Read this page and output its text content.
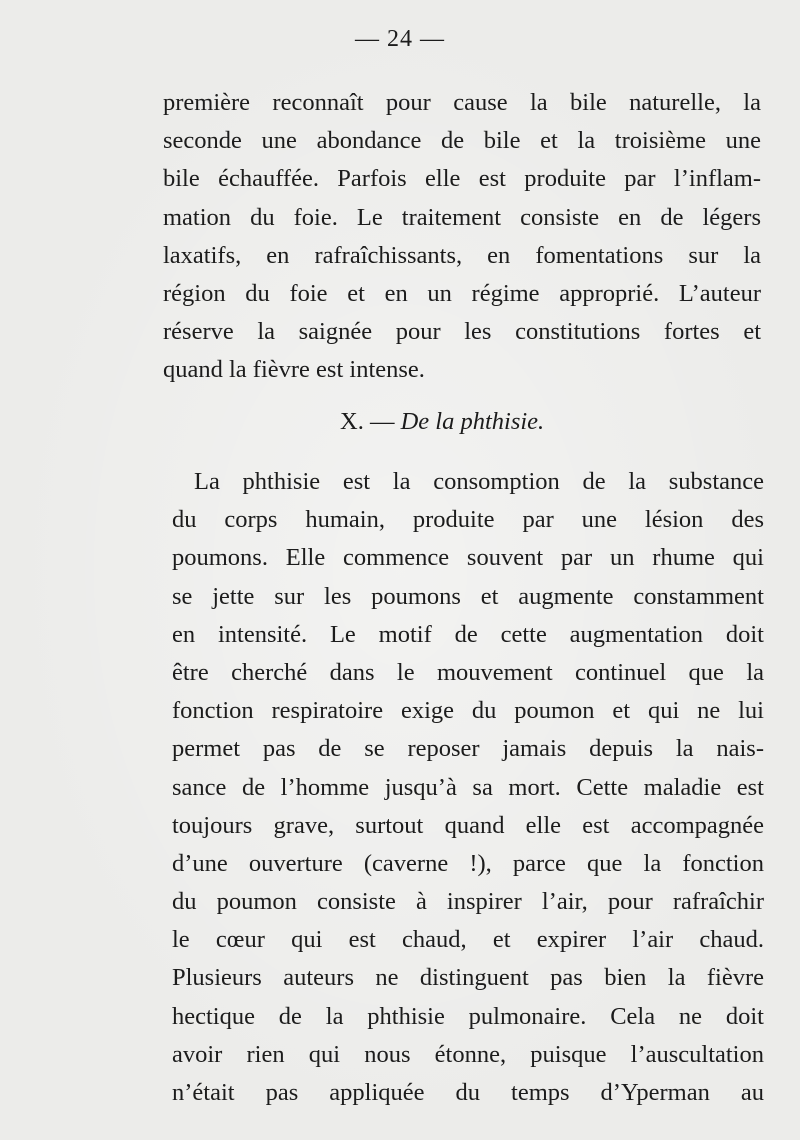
— 24 —
première reconnaît pour cause la bile naturelle, la
seconde une abondance de bile et la troisième une
bile échauffée. Parfois elle est produite par l’inflam-
mation du foie. Le traitement consiste en de légers
laxatifs, en rafraîchissants, en fomentations sur la
région du foie et en un régime approprié. L’auteur
réserve la saignée pour les constitutions fortes et
quand la fièvre est intense.
X. — De la phthisie.
La phthisie est la consomption de la substance
du corps humain, produite par une lésion des
poumons. Elle commence souvent par un rhume qui
se jette sur les poumons et augmente constamment
en intensité. Le motif de cette augmentation doit
être cherché dans le mouvement continuel que la
fonction respiratoire exige du poumon et qui ne lui
permet pas de se reposer jamais depuis la nais-
sance de l’homme jusqu’à sa mort. Cette maladie est
toujours grave, surtout quand elle est accompagnée
d’une ouverture (caverne !), parce que la fonction
du poumon consiste à inspirer l’air, pour rafraîchir
le cœur qui est chaud, et expirer l’air chaud.
Plusieurs auteurs ne distinguent pas bien la fièvre
hectique de la phthisie pulmonaire. Cela ne doit
avoir rien qui nous étonne, puisque l’auscultation
n’était pas appliquée du temps d’Yperman au
